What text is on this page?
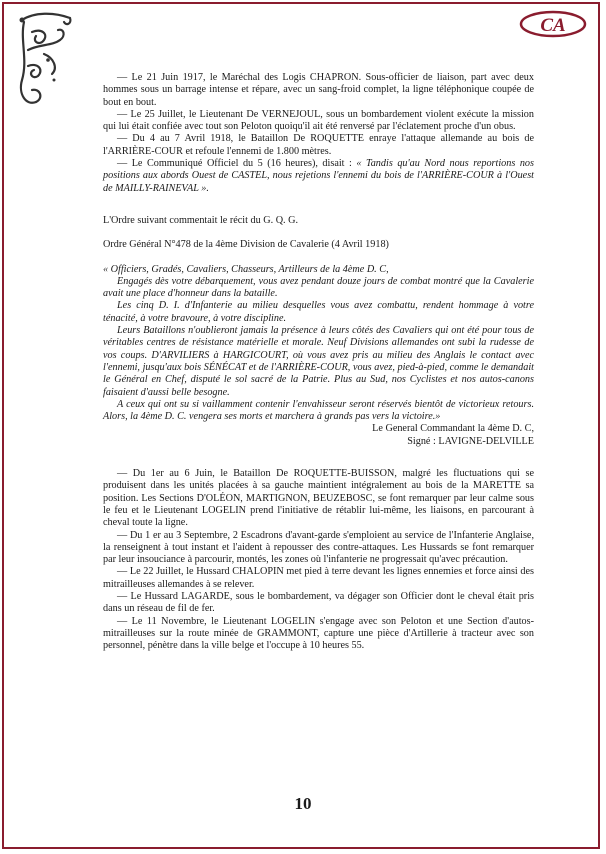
CA

— Le 21 Juin 1917, le Maréchal des Logis CHAPRON. Sous-officier de liaison, part avec deux hommes sous un barrage intense et répare, avec un sang-froid complet, la ligne téléphonique coupée de bout en bout.

— Le 25 Juillet, le Lieutenant De VERNEJOUL, sous un bombardement violent exécute la mission qui lui était confiée avec tout son Peloton quoiqu'il ait été renversé par l'éclatement proche d'un obus.

— Du 4 au 7 Avril 1918, le Bataillon De ROQUETTE enraye l'attaque allemande au bois de l'ARRIÈRE-COUR et refoule l'ennemi de 1.800 mètres.

— Le Communiqué Officiel du 5 (16 heures), disait : « Tandis qu'au Nord nous reportions nos positions aux abords Ouest de CASTEL, nous rejetions l'ennemi du bois de l'ARRIÈRE-COUR à l'Ouest de MAILLY-RAINEVAL ».

L'Ordre suivant commentait le récit du G. Q. G.

Ordre Général N°478 de la 4ème Division de Cavalerie (4 Avril 1918)

« Officiers, Gradés, Cavaliers, Chasseurs, Artilleurs de la 4ème D. C,

Engagés dès votre débarquement, vous avez pendant douze jours de combat montré que la Cavalerie avait une place d'honneur dans la bataille.

Les cinq D. I. d'Infanterie au milieu desquelles vous avez combattu, rendent hommage à votre ténacité, à votre bravoure, à votre discipline.

Leurs Bataillons n'oublieront jamais la présence à leurs côtés des Cavaliers qui ont été pour tous de véritables centres de résistance matérielle et morale. Neuf Divisions allemandes ont subi la rudesse de vos coups. D'ARVILIERS à HARGICOURT, où vous avez pris au milieu des Anglais le contact avec l'ennemi, jusqu'aux bois SÉNÉCAT et de l'ARRIÈRE-COUR, vous avez, pied-à-pied, comme le demandait le Général en Chef, disputé le sol sacré de la Patrie. Plus au Sud, nos Cyclistes et nos autos-canons faisaient d'aussi belle besogne.

A ceux qui ont su si vaillamment contenir l'envahisseur seront réservés bientôt de victorieux retours. Alors, la 4ème D. C. vengera ses morts et marchera à grands pas vers la victoire.»

Le General Commandant la 4ème D. C,

Signé : LAVIGNE-DELVILLE

— Du 1er au 6 Juin, le Bataillon De ROQUETTE-BUISSON, malgré les fluctuations qui se produisent dans les unités placées à sa gauche maintient intégralement au bois de la MARETTE sa position. Les Sections D'OLÉON, MARTIGNON, BEUZEBOSC, se font remarquer par leur calme sous le feu et le Lieutenant LOGELIN prend l'initiative de rétablir lui-même, les liaisons, en parcourant à cheval toute la ligne.

— Du 1 er au 3 Septembre, 2 Escadrons d'avant-garde s'emploient au service de l'Infanterie Anglaise, la renseignent à tout instant et l'aident à repousser des contre-attaques. Les Hussards se font remarquer par leur insouciance à parcourir, montés, les zones où l'infanterie ne progressait qu'avec précaution.

— Le 22 Juillet, le Hussard CHALOPIN met pied à terre devant les lignes ennemies et force ainsi des mitrailleuses allemandes à se relever.

— Le Hussard LAGARDE, sous le bombardement, va dégager son Officier dont le cheval était pris dans un réseau de fil de fer.

— Le 11 Novembre, le Lieutenant LOGELIN s'engage avec son Peloton et une Section d'autos-mitrailleuses sur la route minée de GRAMMONT, capture une pièce d'Artillerie à tracteur avec son personnel, pénètre dans la ville belge et l'occupe à 10 heures 55.

10
